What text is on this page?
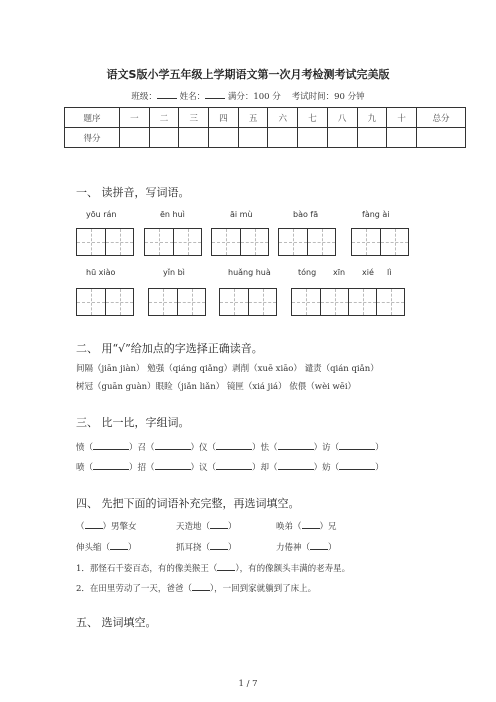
语文S版小学五年级上学期语文第一次月考检测考试完美版
班级：	姓名：	满分：100 分 考试时间：90 分钟
题序	一	二	三	四	五	六	七	八	九	十	总分
得分											
一、 读拼音，写词语。
yōu rán	ēn huì	āi mù	bào fā	fàng ài
hū xiào	yǐn bì	huǎng huà	tóng xīn xié lì
二、 用“√”给加点的字选择正确读音。
间隔（jiān jiàn） 勉强（qiáng qiǎng）剥削（xuē xiāo） 谴责（qián qiǎn）
树冠（guān guàn）眼睑（jiǎn liǎn） 镜匣（xiá jiá） 依偎（wèi wēi）
三、 比一比，字组词。
愤（	）召（	）仪（	）怯（	）访（	）
喷（	）招（	）议（	）却（	）妨（	）
四、 先把下面的词语补充完整，再选词填空。
（ ）男擎女	天造地（ ）	唤弟（ ）兄
伸头缩（ ）	抓耳挠（ ）	力倦神（ ）
1．那怪石千姿百态，有的像美猴王（ ），有的像额头丰满的老寿星。
2．在田里劳动了一天，爸爸（ ），一回到家就躺到了床上。
五、 选词填空。
1 / 7
